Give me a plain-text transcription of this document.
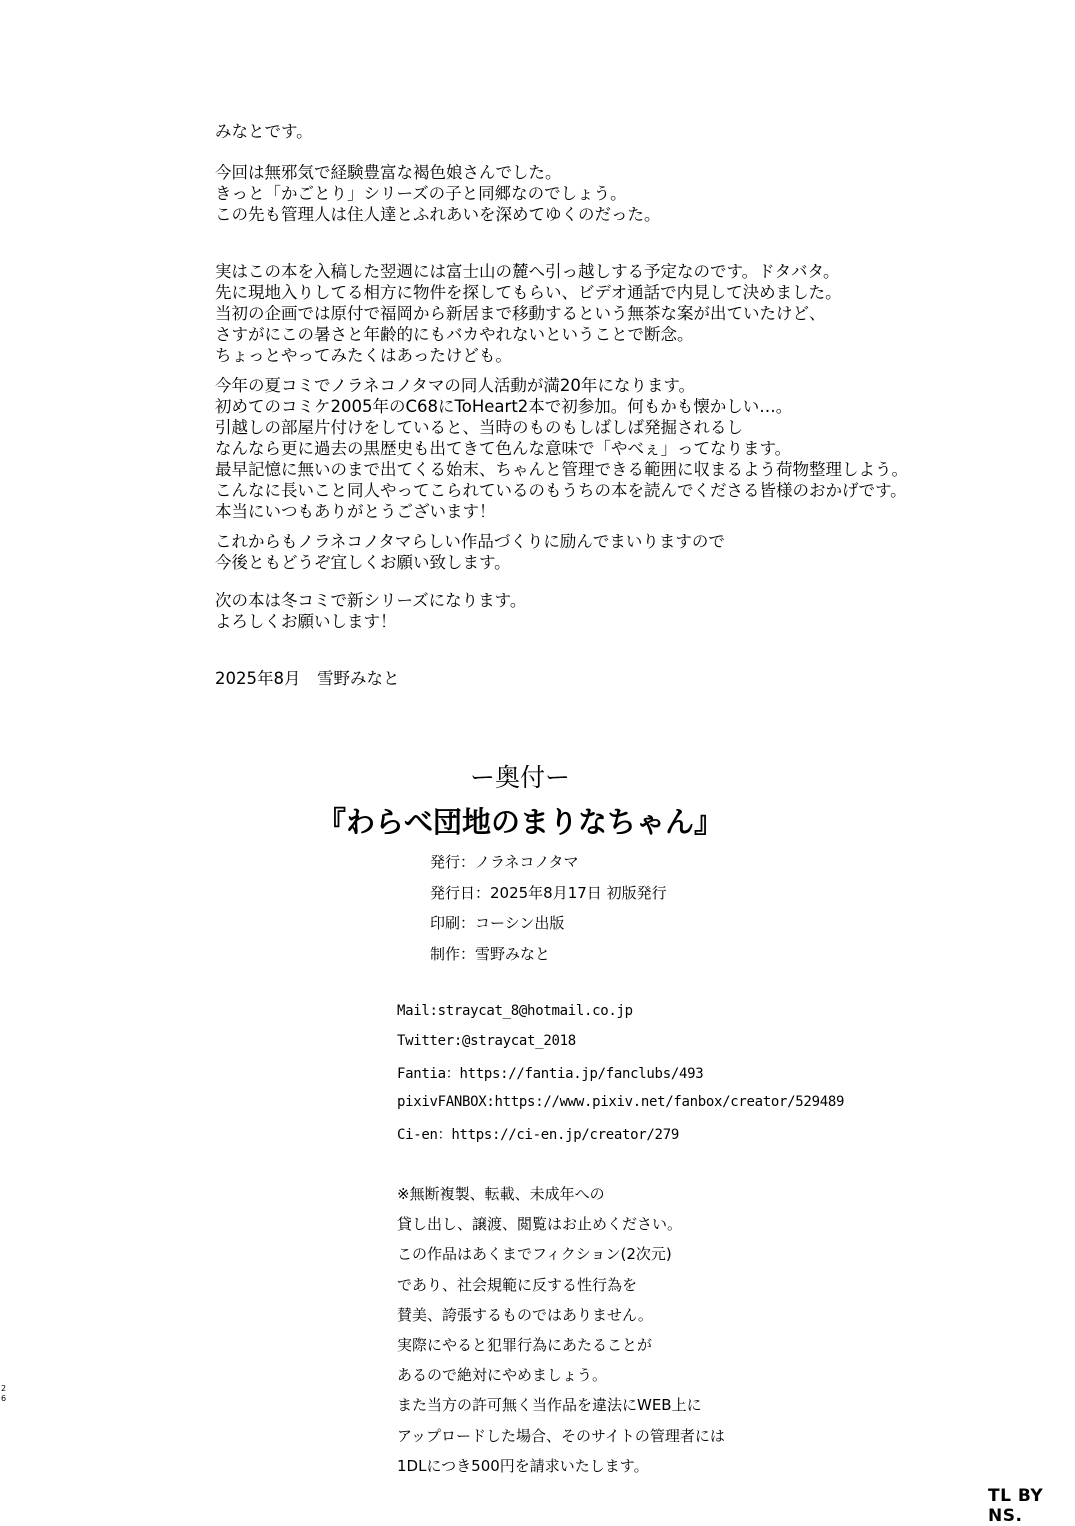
みなとです。
今回は無邪気で経験豊富な褐色娘さんでした。
きっと「かごとり」シリーズの子と同郷なのでしょう。
この先も管理人は住人達とふれあいを深めてゆくのだった。
実はこの本を入稿した翌週には富士山の麓へ引っ越しする予定なのです。ドタバタ。
先に現地入りしてる相方に物件を探してもらい、ビデオ通話で内見して決めました。
当初の企画では原付で福岡から新居まで移動するという無茶な案が出ていたけど、
さすがにこの暑さと年齢的にもバカやれないということで断念。
ちょっとやってみたくはあったけども。
今年の夏コミでノラネコノタマの同人活動が満20年になります。
初めてのコミケ2005年のC68にToHeart2本で初参加。何もかも懐かしい…。
引越しの部屋片付けをしていると、当時のものもしばしば発掘されるし
なんなら更に過去の黒歴史も出てきて色んな意味で「やべぇ」ってなります。
最早記憶に無いのまで出てくる始末、ちゃんと管理できる範囲に収まるよう荷物整理しよう。
こんなに長いこと同人やってこられているのもうちの本を読んでくださる皆様のおかげです。
本当にいつもありがとうございます！
これからもノラネコノタマらしい作品づくりに励んでまいりますので
今後ともどうぞ宜しくお願い致します。
次の本は冬コミで新シリーズになります。
よろしくお願いします！
2025年8月　雪野みなと
ー奥付ー
『わらべ団地のまりなちゃん』
発行：ノラネコノタマ
発行日：2025年8月17日 初版発行
印刷：コーシン出版
制作：雪野みなと
Mail:straycat_8@hotmail.co.jp
Twitter:@straycat_2018
Fantia：https://fantia.jp/fanclubs/493
pixivFANBOX:https://www.pixiv.net/fanbox/creator/529489
Ci-en：https://ci-en.jp/creator/279
※無断複製、転載、未成年への
貸し出し、譲渡、閲覧はお止めください。
この作品はあくまでフィクション(2次元)
であり、社会規範に反する性行為を
賛美、誇張するものではありません。
実際にやると犯罪行為にあたることが
あるので絶対にやめましょう。
また当方の許可無く当作品を違法にWEB上に
アップロードした場合、そのサイトの管理者には
1DLにつき500円を請求いたします。
26
TL BY NS.
